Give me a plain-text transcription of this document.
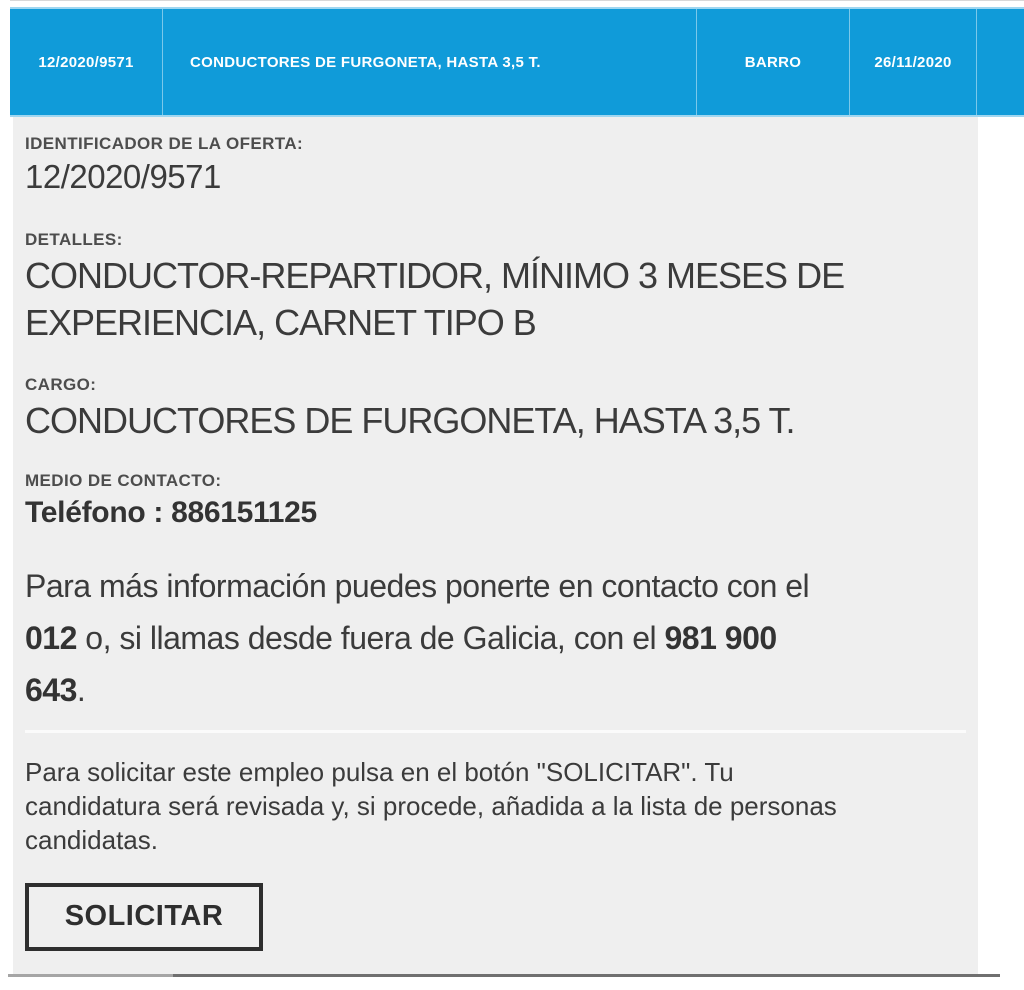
12/2020/9571	CONDUCTORES DE FURGONETA, HASTA 3,5 T.	BARRO	26/11/2020
IDENTIFICADOR DE LA OFERTA:
12/2020/9571
DETALLES:
CONDUCTOR-REPARTIDOR, MÍNIMO 3 MESES DE
EXPERIENCIA, CARNET TIPO B
CARGO:
CONDUCTORES DE FURGONETA, HASTA 3,5 T.
MEDIO DE CONTACTO:
Teléfono : 886151125
Para más información puedes ponerte en contacto con el
012 o, si llamas desde fuera de Galicia, con el 981 900
643.
Para solicitar este empleo pulsa en el botón "SOLICITAR". Tu
candidatura será revisada y, si procede, añadida a la lista de personas
candidatas.
SOLICITAR
